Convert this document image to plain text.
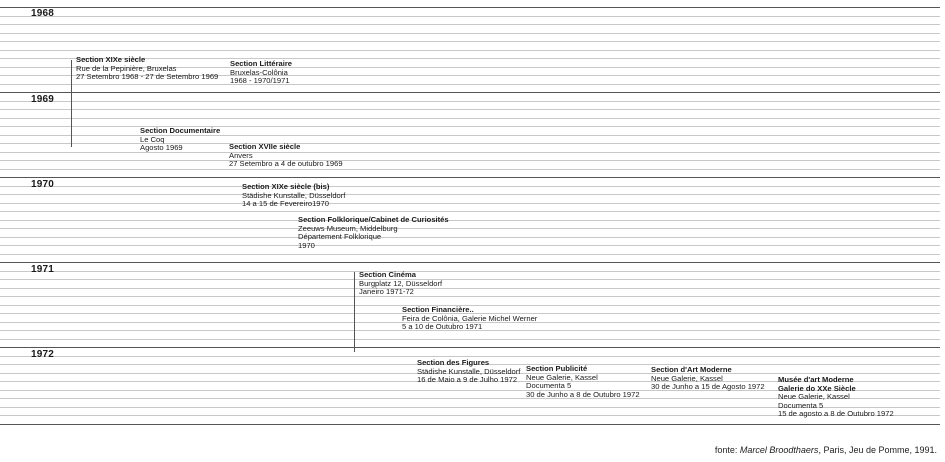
1968
1969
1970
1971
1972
Section XIXe siècle
Rue de la Pepinière, Bruxelas
27 Setembro 1968 - 27 de Setembro 1969
Section Littéraire
Bruxelas-Colônia
1968 - 1970/1971
Section Documentaire
Le Coq
Agosto 1969	Section XVIIe siècle
Anvers
27 Setembro a 4 de outubro 1969
Section XIXe siècle (bis)
Städishe Kunstalle, Düsseldorf
14 a 15 de Fevereiro1970
Section Folklorique/Cabinet de Curiosités
Zeeuws Museum, Middelburg
Département Folklorique
1970
Section Cinéma
Burgplatz 12, Düsseldorf
Janeiro 1971-72
Section Financière..
Feira de Colônia, Galerie Michel Werner
5 a 10 de Outubro 1971
Section des Figures
Städishe Kunstalle, Düsseldorf
16 de Maio a 9 de Julho 1972
Section Publicité
Neue Galerie, Kassel
Documenta 5
30 de Junho a 8 de Outubro 1972
Section d'Art Moderne
Neue Galerie, Kassel
30 de Junho a 15 de Agosto 1972
Musée d'art Moderne
Galerie do XXe Siècle
Neue Galerie, Kassel
Documenta 5
15 de agosto a 8 de Outubro 1972
fonte: Marcel Broodthaers, Paris, Jeu de Pomme, 1991.
